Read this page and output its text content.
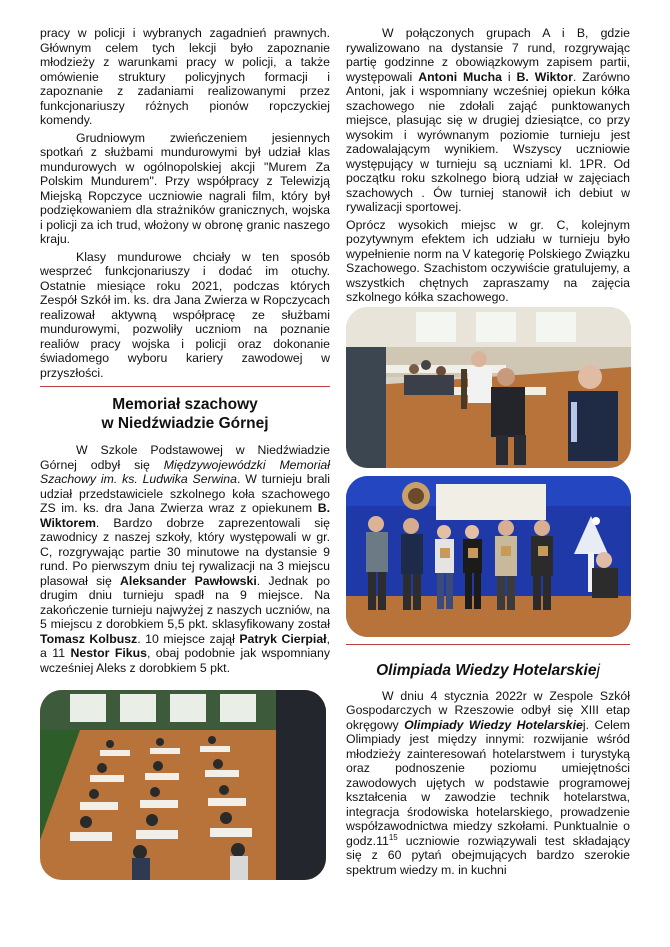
pracy w policji i wybranych zagadnień prawnych. Głównym celem tych lekcji było zapoznanie młodzieży z warunkami pracy w policji, a także omówienie struktury policyjnych formacji i zapoznanie z zadaniami realizowanymi przez funkcjonariuszy różnych pionów ropczyckiej komendy.

Grudniowym zwieńczeniem jesiennych spotkań z służbami mundurowymi był udział klas mundurowych w ogólnopolskiej akcji "Murem Za Polskim Mundurem". Przy współpracy z Telewizją Miejską Ropczyce uczniowie nagrali film, który był podziękowaniem dla strażników granicznych, wojska i policji za ich trud, włożony w obronę granic naszego kraju.

Klasy mundurowe chciały w ten sposób wesprzeć funkcjonariuszy i dodać im otuchy. Ostatnie miesiące roku 2021, podczas których Zespół Szkół im. ks. dra Jana Zwierza w Ropczycach realizował aktywną współpracę ze służbami mundurowymi, pozwoliły uczniom na poznanie realiów pracy wojska i policji oraz dokonanie świadomego wyboru kariery zawodowej w przyszłości.

Memoriał szachowy
w Niedźwiadzie Górnej

W Szkole Podstawowej w Niedźwiadzie Górnej odbył się Międzywojewódzki Memoriał Szachowy im. ks. Ludwika Serwina. W turnieju brali udział przedstawiciele szkolnego koła szachowego ZS im. ks. dra Jana Zwierza wraz z opiekunem B. Wiktorem. Bardzo dobrze zaprezentowali się zawodnicy z naszej szkoły, który występowali w gr. C, rozgrywając partie 30 minutowe na dystansie 9 rund. Po pierwszym dniu tej rywalizacji na 3 miejscu plasował się Aleksander Pawłowski. Jednak po drugim dniu turnieju spadł na 9 miejsce. Na zakończenie turnieju najwyżej z naszych uczniów, na 5 miejscu z dorobkiem 5,5 pkt. sklasyfikowany został Tomasz Kolbusz. 10 miejsce zajął Patryk Cierpiał, a 11 Nestor Fikus, obaj podobnie jak wspomniany wcześniej Aleks z dorobkiem 5 pkt.

W połączonych grupach A i B, gdzie rywalizowano na dystansie 7 rund, rozgrywając partię godzinne z obowiązkowym zapisem partii, występowali Antoni Mucha i B. Wiktor. Zarówno Antoni, jak i wspomniany wcześniej opiekun kółka szachowego nie zdołali zająć punktowanych miejsce, plasując się w drugiej dziesiątce, co przy wysokim i wyrównanym poziomie turnieju jest zadowalającym wynikiem. Wszyscy uczniowie występujący w turnieju są uczniami kl. 1PR. Od początku roku szkolnego biorą udział w zajęciach szachowych . Ów turniej stanowił ich debiut w rywalizacji sportowej.

Oprócz wysokich miejsc w gr. C, kolejnym pozytywnym efektem ich udziału w turnieju było wypełnienie norm na V kategorię Polskiego Związku Szachowego. Szachistom oczywiście gratulujemy, a wszystkich chętnych zapraszamy na zajęcia szkolnego kółka szachowego.

Olimpiada Wiedzy Hotelarskiej

W dniu 4 stycznia 2022r w Zespole Szkół Gospodarczych w Rzeszowie odbył się XIII etap okręgowy Olimpiady Wiedzy Hotelarskiej. Celem Olimpiady jest między innymi: rozwijanie wśród młodzieży zainteresowań hotelarstwem i turystyką oraz podnoszenie poziomu umiejętności zawodowych ujętych w podstawie programowej kształcenia w zawodzie technik hotelarstwa, integracja środowiska hotelarskiego, prowadzenie współzawodnictwa miedzy szkołami. Punktualnie o $godz.11^{15}$ uczniowie rozwiązywali test składający się z 60 pytań obejmujących bardzo szerokie spektrum wiedzy m. in kuchni
